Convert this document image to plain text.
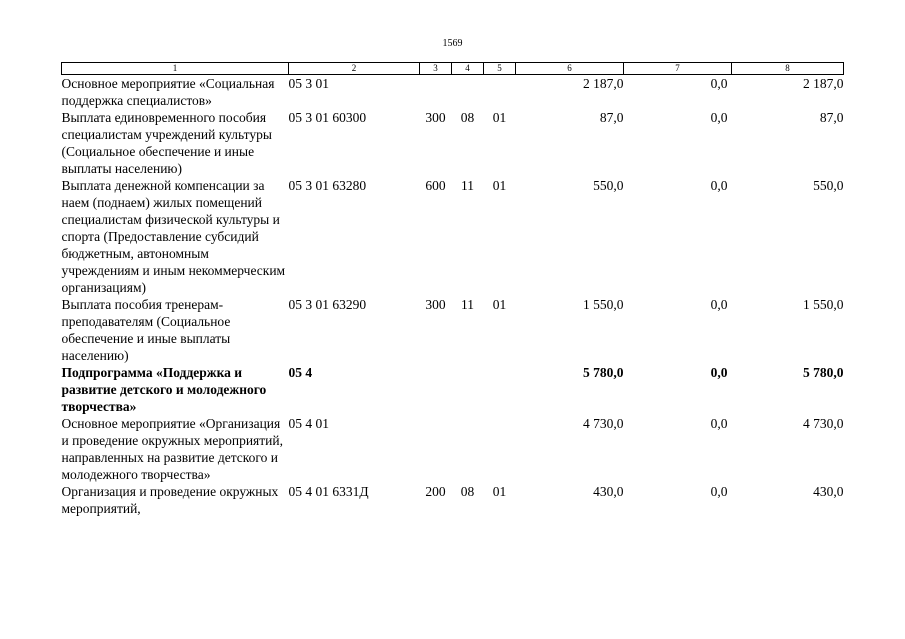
1569
1	2	3	4	5	6	7	8
Основное мероприятие «Социальная поддержка специалистов»	05 3 01				2 187,0	0,0	2 187,0
Выплата единовременного пособия специалистам учреждений культуры (Социальное обеспечение и иные выплаты населению)	05 3 01 60300	300	08	01	87,0	0,0	87,0
Выплата денежной компенсации за наем (поднаем) жилых помещений специалистам физической культуры и спорта (Предоставление субсидий бюджетным, автономным учреждениям и иным некоммерческим организациям)	05 3 01 63280	600	11	01	550,0	0,0	550,0
Выплата пособия тренерам-преподавателям (Социальное обеспечение и иные выплаты населению)	05 3 01 63290	300	11	01	1 550,0	0,0	1 550,0
Подпрограмма «Поддержка и развитие детского и молодежного творчества»	05 4				5 780,0	0,0	5 780,0
Основное мероприятие «Организация и проведение окружных мероприятий, направленных на развитие детского и молодежного творчества»	05 4 01				4 730,0	0,0	4 730,0
Организация и проведение окружных мероприятий,	05 4 01 6331Д	200	08	01	430,0	0,0	430,0
